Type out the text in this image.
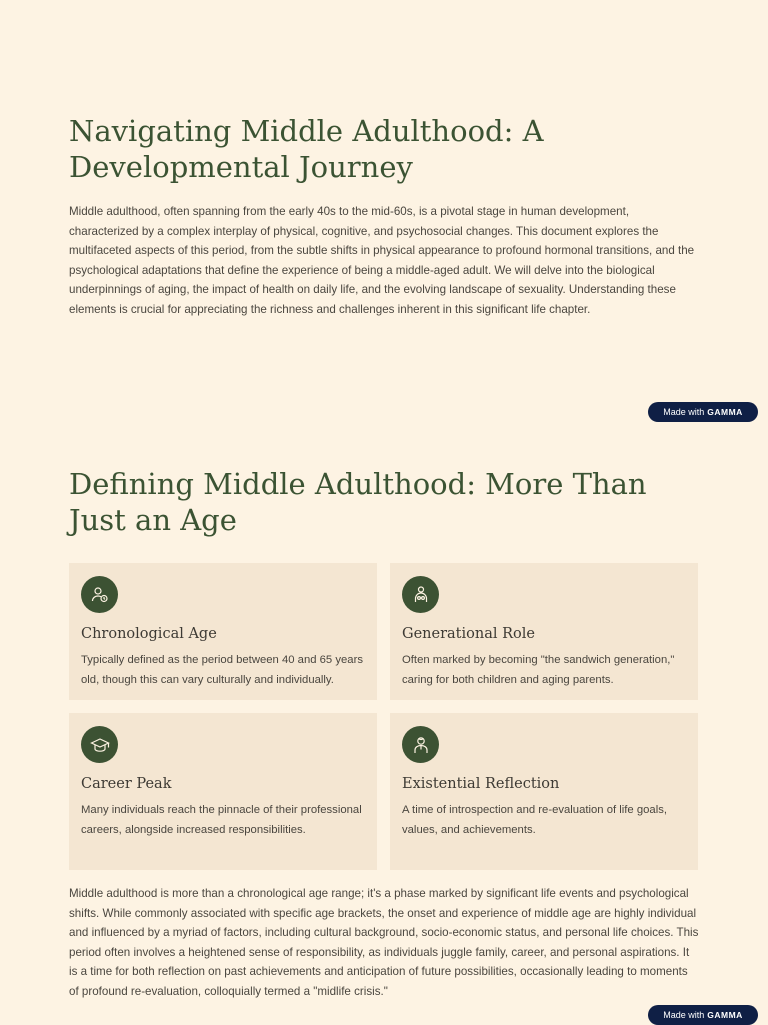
Navigating Middle Adulthood: A Developmental Journey

Middle adulthood, often spanning from the early 40s to the mid-60s, is a pivotal stage in human development, characterized by a complex interplay of physical, cognitive, and psychosocial changes. This document explores the multifaceted aspects of this period, from the subtle shifts in physical appearance to profound hormonal transitions, and the psychological adaptations that define the experience of being a middle-aged adult. We will delve into the biological underpinnings of aging, the impact of health on daily life, and the evolving landscape of sexuality. Understanding these elements is crucial for appreciating the richness and challenges inherent in this significant life chapter.

Made with GAMMA
Defining Middle Adulthood: More Than Just an Age
Chronological Age

Typically defined as the period between 40 and 65 years old, though this can vary culturally and individually.

Generational Role

Often marked by becoming "the sandwich generation," caring for both children and aging parents.

Career Peak

Many individuals reach the pinnacle of their professional careers, alongside increased responsibilities.

Existential Reflection

A time of introspection and re-evaluation of life goals, values, and achievements.

Middle adulthood is more than a chronological age range; it's a phase marked by significant life events and psychological shifts. While commonly associated with specific age brackets, the onset and experience of middle age are highly individual and influenced by a myriad of factors, including cultural background, socio-economic status, and personal life choices. This period often involves a heightened sense of responsibility, as individuals juggle family, career, and personal aspirations. It is a time for both reflection on past achievements and anticipation of future possibilities, occasionally leading to moments of profound re-evaluation, colloquially termed a "midlife crisis."

Made with GAMMA
